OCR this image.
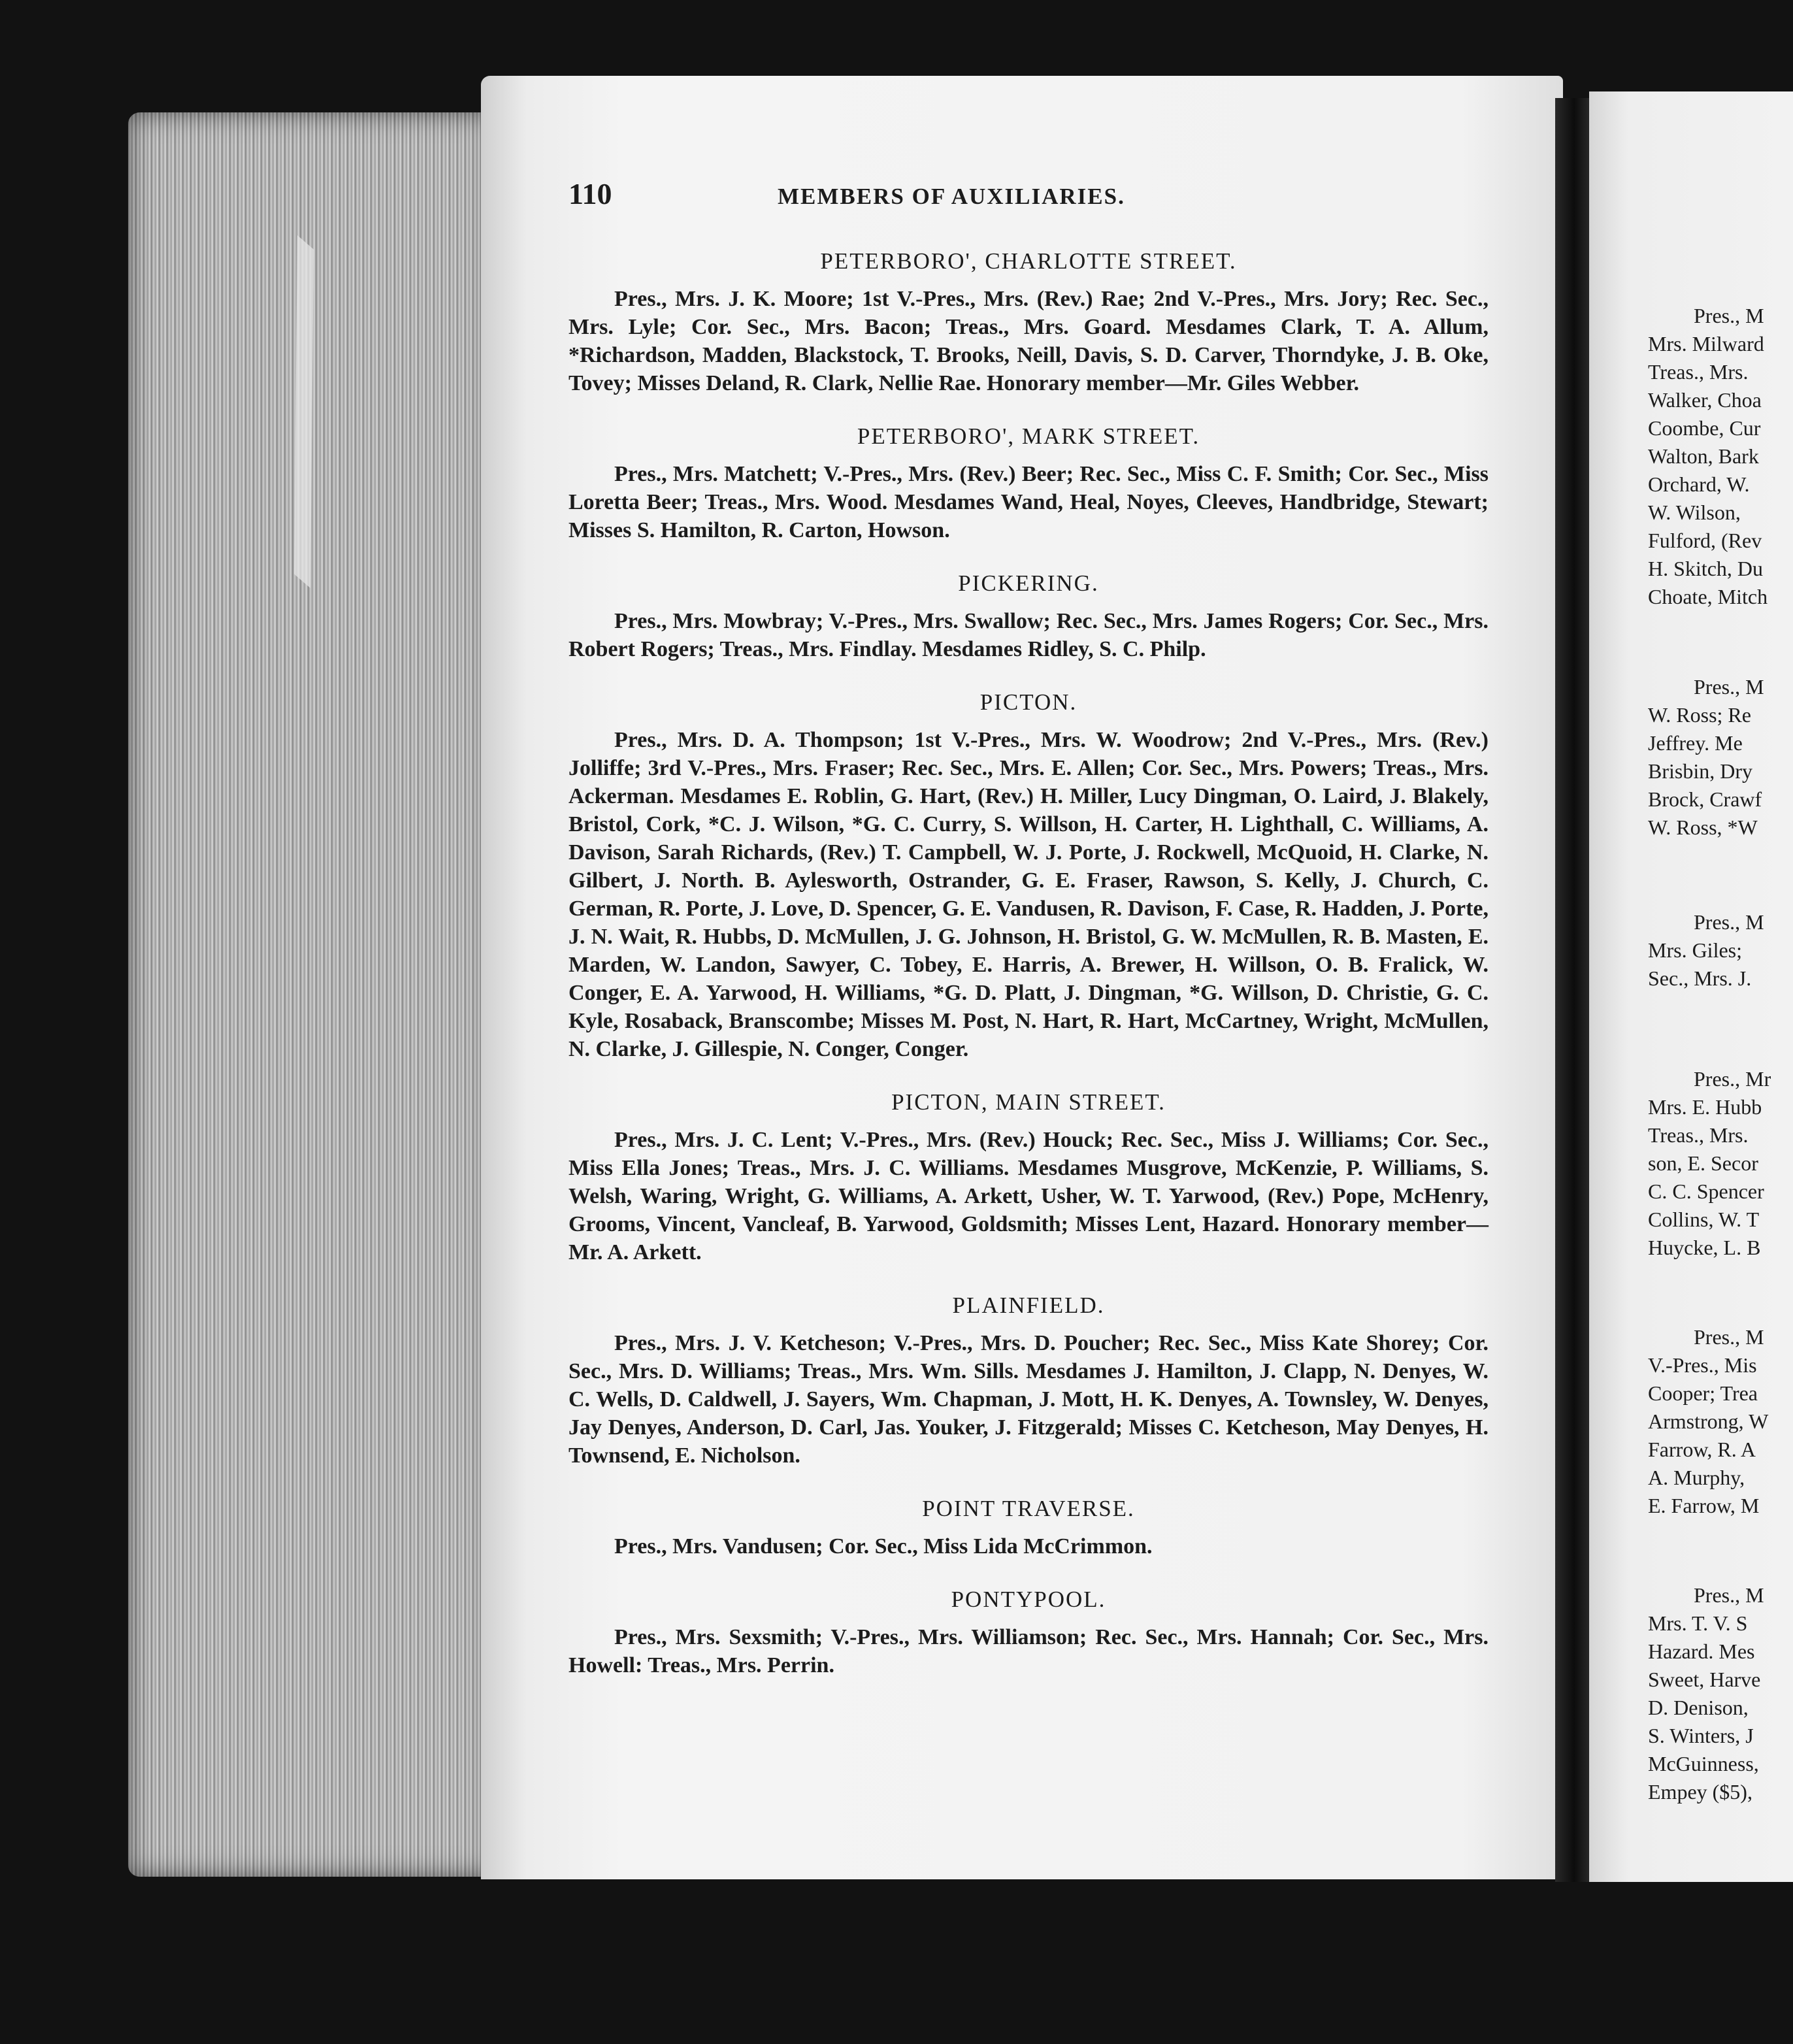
110	MEMBERS OF AUXILIARIES.
PETERBORO', CHARLOTTE STREET.

Pres., Mrs. J. K. Moore; 1st V.-Pres., Mrs. (Rev.) Rae; 2nd V.-Pres., Mrs. Jory; Rec. Sec., Mrs. Lyle; Cor. Sec., Mrs. Bacon; Treas., Mrs. Goard. Mesdames Clark, T. A. Allum, *Richardson, Madden, Blackstock, T. Brooks, Neill, Davis, S. D. Carver, Thorndyke, J. B. Oke, Tovey; Misses Deland, R. Clark, Nellie Rae. Honorary member—Mr. Giles Webber.

PETERBORO', MARK STREET.

Pres., Mrs. Matchett; V.-Pres., Mrs. (Rev.) Beer; Rec. Sec., Miss C. F. Smith; Cor. Sec., Miss Loretta Beer; Treas., Mrs. Wood. Mesdames Wand, Heal, Noyes, Cleeves, Handbridge, Stewart; Misses S. Hamilton, R. Carton, Howson.

PICKERING.

Pres., Mrs. Mowbray; V.-Pres., Mrs. Swallow; Rec. Sec., Mrs. James Rogers; Cor. Sec., Mrs. Robert Rogers; Treas., Mrs. Findlay. Mesdames Ridley, S. C. Philp.

PICTON.

Pres., Mrs. D. A. Thompson; 1st V.-Pres., Mrs. W. Woodrow; 2nd V.-Pres., Mrs. (Rev.) Jolliffe; 3rd V.-Pres., Mrs. Fraser; Rec. Sec., Mrs. E. Allen; Cor. Sec., Mrs. Powers; Treas., Mrs. Ackerman. Mesdames E. Roblin, G. Hart, (Rev.) H. Miller, Lucy Dingman, O. Laird, J. Blakely, Bristol, Cork, *C. J. Wilson, *G. C. Curry, S. Willson, H. Carter, H. Lighthall, C. Williams, A. Davison, Sarah Richards, (Rev.) T. Campbell, W. J. Porte, J. Rockwell, McQuoid, H. Clarke, N. Gilbert, J. North. B. Aylesworth, Ostrander, G. E. Fraser, Rawson, S. Kelly, J. Church, C. German, R. Porte, J. Love, D. Spencer, G. E. Vandusen, R. Davison, F. Case, R. Hadden, J. Porte, J. N. Wait, R. Hubbs, D. McMullen, J. G. Johnson, H. Bristol, G. W. McMullen, R. B. Masten, E. Marden, W. Landon, Sawyer, C. Tobey, E. Harris, A. Brewer, H. Willson, O. B. Fralick, W. Conger, E. A. Yarwood, H. Williams, *G. D. Platt, J. Dingman, *G. Willson, D. Christie, G. C. Kyle, Rosaback, Branscombe; Misses M. Post, N. Hart, R. Hart, McCartney, Wright, McMullen, N. Clarke, J. Gillespie, N. Conger, Conger.

PICTON, MAIN STREET.

Pres., Mrs. J. C. Lent; V.-Pres., Mrs. (Rev.) Houck; Rec. Sec., Miss J. Williams; Cor. Sec., Miss Ella Jones; Treas., Mrs. J. C. Williams. Mesdames Musgrove, McKenzie, P. Williams, S. Welsh, Waring, Wright, G. Williams, A. Arkett, Usher, W. T. Yarwood, (Rev.) Pope, McHenry, Grooms, Vincent, Vancleaf, B. Yarwood, Goldsmith; Misses Lent, Hazard. Honorary member—Mr. A. Arkett.

PLAINFIELD.

Pres., Mrs. J. V. Ketcheson; V.-Pres., Mrs. D. Poucher; Rec. Sec., Miss Kate Shorey; Cor. Sec., Mrs. D. Williams; Treas., Mrs. Wm. Sills. Mesdames J. Hamilton, J. Clapp, N. Denyes, W. C. Wells, D. Caldwell, J. Sayers, Wm. Chapman, J. Mott, H. K. Denyes, A. Townsley, W. Denyes, Jay Denyes, Anderson, D. Carl, Jas. Youker, J. Fitzgerald; Misses C. Ketcheson, May Denyes, H. Townsend, E. Nicholson.

POINT TRAVERSE.

Pres., Mrs. Vandusen; Cor. Sec., Miss Lida McCrimmon.

PONTYPOOL.

Pres., Mrs. Sexsmith; V.-Pres., Mrs. Williamson; Rec. Sec., Mrs. Hannah; Cor. Sec., Mrs. Howell: Treas., Mrs. Perrin.

Pres., M
Mrs. Milward
Treas., Mrs.
Walker, Choa
Coombe, Cur
Walton, Bark
Orchard, W.
W. Wilson,
Fulford, (Rev
H. Skitch, Du
Choate, Mitch
Pres., M
W. Ross; Re
Jeffrey. Me
Brisbin, Dry
Brock, Crawf
W. Ross, *W
Pres., M
Mrs. Giles;
Sec., Mrs. J.
Pres., Mr
Mrs. E. Hubb
Treas., Mrs.
son, E. Secor
C. C. Spencer
Collins, W. T
Huycke, L. B
Pres., M
V.-Pres., Mis
Cooper; Trea
Armstrong, W
Farrow, R. A
A. Murphy,
E. Farrow, M
Pres., M
Mrs. T. V. S
Hazard. Mes
Sweet, Harve
D. Denison,
S. Winters, J
McGuinness,
Empey ($5),
